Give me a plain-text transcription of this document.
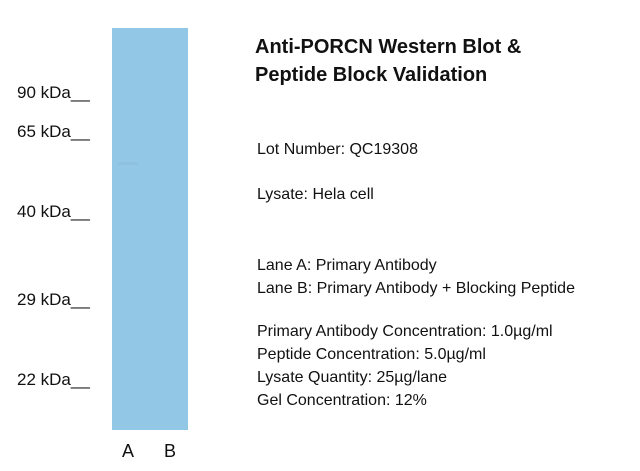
90 kDa__
65 kDa__
40 kDa__
29 kDa__
22 kDa__
A B
Anti-PORCN Western Blot &
Peptide Block Validation
Lot Number: QC19308
Lysate: Hela cell
Lane A: Primary Antibody
Lane B: Primary Antibody + Blocking Peptide
Primary Antibody Concentration: 1.0µg/ml
Peptide Concentration: 5.0µg/ml
Lysate Quantity: 25µg/lane
Gel Concentration: 12%
